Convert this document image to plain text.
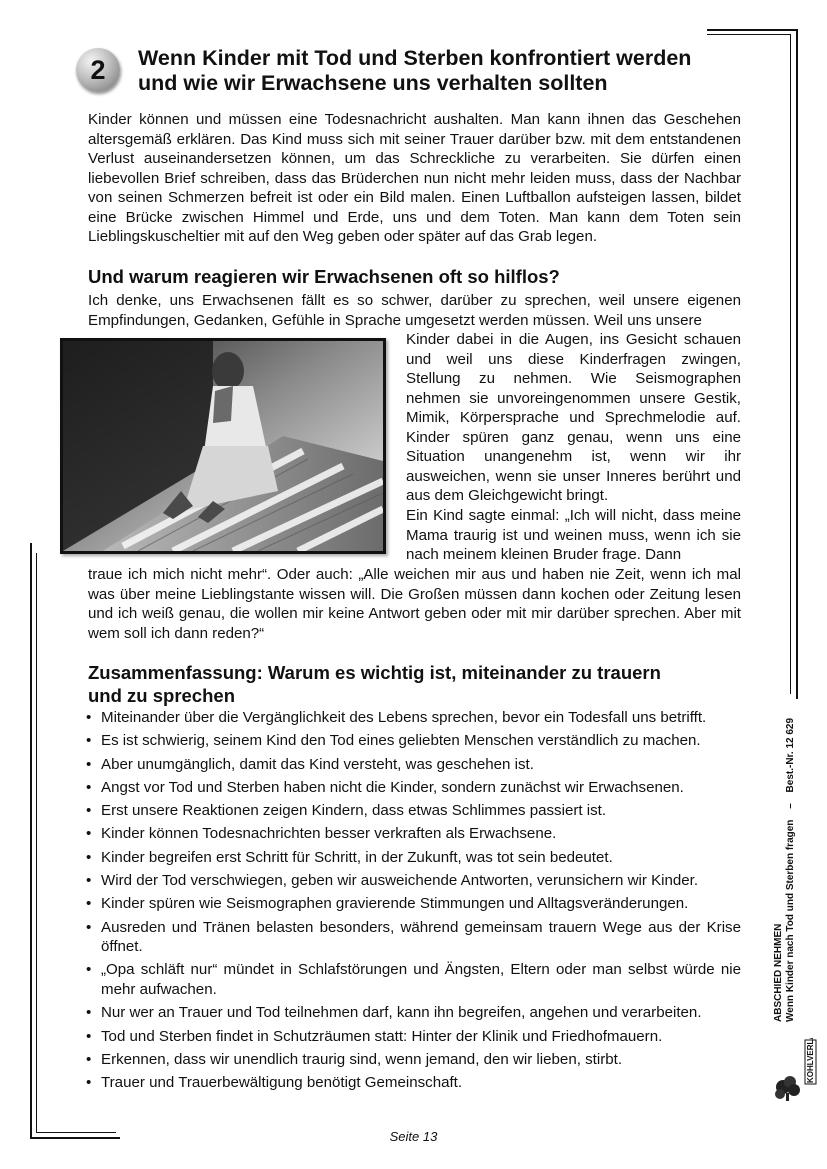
2	Wenn Kinder mit Tod und Sterben konfrontiert werden
und wie wir Erwachsene uns verhalten sollten

Kinder können und müssen eine Todesnachricht aushalten. Man kann ihnen das Geschehen altersgemäß erklären. Das Kind muss sich mit seiner Trauer darüber bzw. mit dem entstandenen Verlust auseinandersetzen können, um das Schreckliche zu verarbeiten. Sie dürfen einen liebevollen Brief schreiben, dass das Brüderchen nun nicht mehr leiden muss, dass der Nachbar von seinen Schmerzen befreit ist oder ein Bild malen. Einen Luftballon aufsteigen lassen, bildet eine Brücke zwischen Himmel und Erde, uns und dem Toten. Man kann dem Toten sein Lieblingskuscheltier mit auf den Weg geben oder später auf das Grab legen.

Und warum reagieren wir Erwachsenen oft so hilflos?

Ich denke, uns Erwachsenen fällt es so schwer, darüber zu sprechen, weil unsere eigenen Empfindungen, Gedanken, Gefühle in Sprache umgesetzt werden müssen. Weil uns unsere

Kinder dabei in die Augen, ins Gesicht schauen und weil uns diese Kinderfragen zwingen, Stellung zu nehmen. Wie Seismographen nehmen sie unvoreingenommen unsere Gestik, Mimik, Körpersprache und Sprechmelodie auf. Kinder spüren ganz genau, wenn uns eine Situation unangenehm ist, wenn wir ihr ausweichen, wenn sie unser Inneres berührt und aus dem Gleichgewicht bringt.

Ein Kind sagte einmal: „Ich will nicht, dass meine Mama traurig ist und weinen muss, wenn ich sie nach meinem kleinen Bruder frage. Dann

traue ich mich nicht mehr“. Oder auch: „Alle weichen mir aus und haben nie Zeit, wenn ich mal was über meine Lieblingstante wissen will. Die Großen müssen dann kochen oder Zeitung lesen und ich weiß genau, die wollen mir keine Antwort geben oder mit mir darüber sprechen. Aber mit wem soll ich dann reden?“

Zusammenfassung: Warum es wichtig ist, miteinander zu trauern
und zu sprechen
• Miteinander über die Vergänglichkeit des Lebens sprechen, bevor ein Todesfall uns betrifft.
• Es ist schwierig, seinem Kind den Tod eines geliebten Menschen verständlich zu machen.
• Aber unumgänglich, damit das Kind versteht, was geschehen ist.
• Angst vor Tod und Sterben haben nicht die Kinder, sondern zunächst wir Erwachsenen.
• Erst unsere Reaktionen zeigen Kindern, dass etwas Schlimmes passiert ist.
• Kinder können Todesnachrichten besser verkraften als Erwachsene.
• Kinder begreifen erst Schritt für Schritt, in der Zukunft, was tot sein bedeutet.
• Wird der Tod verschwiegen, geben wir ausweichende Antworten, verunsichern wir Kinder.
• Kinder spüren wie Seismographen gravierende Stimmungen und Alltagsveränderungen.
• Ausreden und Tränen belasten besonders, während gemeinsam trauern Wege aus der Krise öffnet.
• „Opa schläft nur“ mündet in Schlafstörungen und Ängsten, Eltern oder man selbst würde nie mehr aufwachen.
• Nur wer an Trauer und Tod teilnehmen darf, kann ihn begreifen, angehen und verarbeiten.
• Tod und Sterben findet in Schutzräumen statt: Hinter der Klinik und Friedhofmauern.
• Erkennen, dass wir unendlich traurig sind, wenn jemand, den wir lieben, stirbt.
• Trauer und Trauerbewältigung benötigt Gemeinschaft.
ABSCHIED NEHMEN Wenn Kinder nach Tod und Sterben fragen – Best.-Nr. 12 629
KOHLVERLAG
Seite 13
